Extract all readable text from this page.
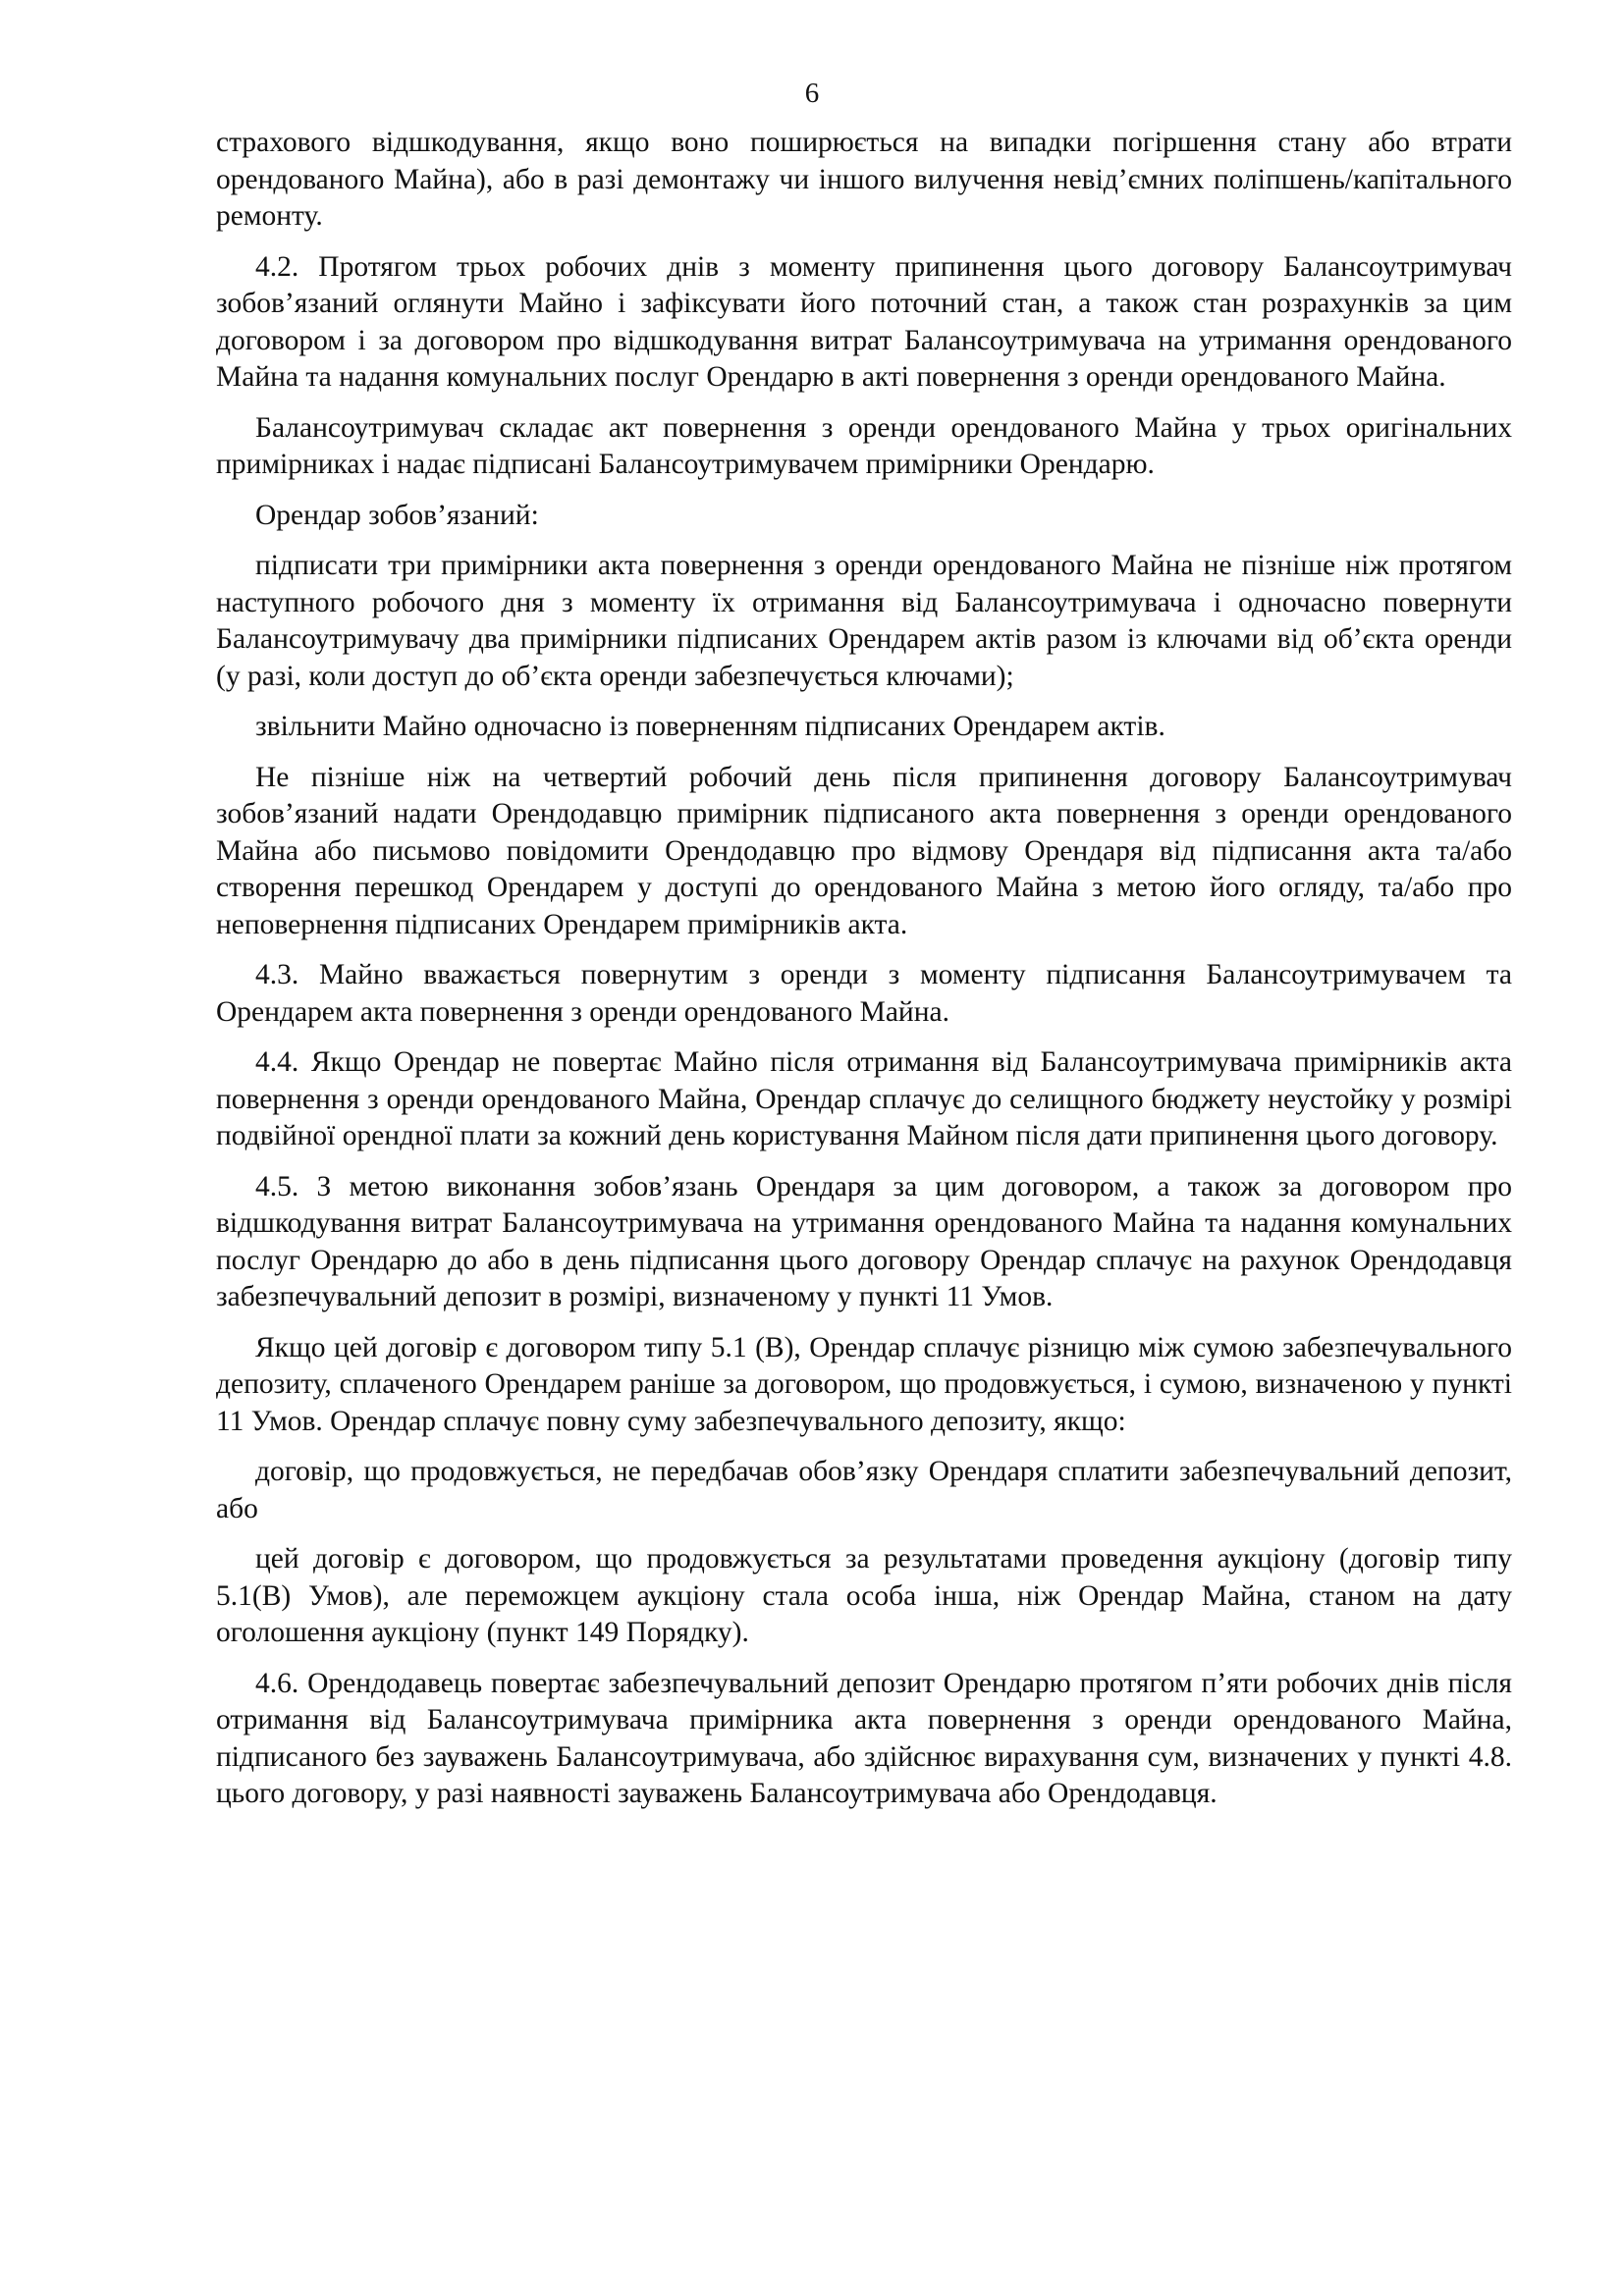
6

страхового відшкодування, якщо воно поширюється на випадки погіршення стану або втрати орендованого Майна), або в разі демонтажу чи іншого вилучення невід’ємних поліпшень/капітального ремонту.

4.2. Протягом трьох робочих днів з моменту припинення цього договору Балансоутримувач зобов’язаний оглянути Майно і зафіксувати його поточний стан, а також стан розрахунків за цим договором і за договором про відшкодування витрат Балансоутримувача на утримання орендованого Майна та надання комунальних послуг Орендарю в акті повернення з оренди орендованого Майна.

Балансоутримувач складає акт повернення з оренди орендованого Майна у трьох оригінальних примірниках і надає підписані Балансоутримувачем примірники Орендарю.

Орендар зобов’язаний:

підписати три примірники акта повернення з оренди орендованого Майна не пізніше ніж протягом наступного робочого дня з моменту їх отримання від Балансоутримувача і одночасно повернути Балансоутримувачу два примірники підписаних Орендарем актів разом із ключами від об’єкта оренди (у разі, коли доступ до об’єкта оренди забезпечується ключами);

звільнити Майно одночасно із поверненням підписаних Орендарем актів.

Не пізніше ніж на четвертий робочий день після припинення договору Балансоутримувач зобов’язаний надати Орендодавцю примірник підписаного акта повернення з оренди орендованого Майна або письмово повідомити Орендодавцю про відмову Орендаря від підписання акта та/або створення перешкод Орендарем у доступі до орендованого Майна з метою його огляду, та/або про неповернення підписаних Орендарем примірників акта.

4.3. Майно вважається повернутим з оренди з моменту підписання Балансоутримувачем та Орендарем акта повернення з оренди орендованого Майна.

4.4. Якщо Орендар не повертає Майно після отримання від Балансоутримувача примірників акта повернення з оренди орендованого Майна, Орендар сплачує до селищного бюджету неустойку у розмірі подвійної орендної плати за кожний день користування Майном після дати припинення цього договору.

4.5. З метою виконання зобов’язань Орендаря за цим договором, а також за договором про відшкодування витрат Балансоутримувача на утримання орендованого Майна та надання комунальних послуг Орендарю до або в день підписання цього договору Орендар сплачує на рахунок Орендодавця забезпечувальний депозит в розмірі, визначеному у пункті 11 Умов.

Якщо цей договір є договором типу 5.1 (В), Орендар сплачує різницю між сумою забезпечувального депозиту, сплаченого Орендарем раніше за договором, що продовжується, і сумою, визначеною у пункті 11 Умов. Орендар сплачує повну суму забезпечувального депозиту, якщо:

договір, що продовжується, не передбачав обов’язку Орендаря сплатити забезпечувальний депозит, або

цей договір є договором, що продовжується за результатами проведення аукціону (договір типу 5.1(В) Умов), але переможцем аукціону стала особа інша, ніж Орендар Майна, станом на дату оголошення аукціону (пункт 149 Порядку).

4.6. Орендодавець повертає забезпечувальний депозит Орендарю протягом п’яти робочих днів після отримання від Балансоутримувача примірника акта повернення з оренди орендованого Майна, підписаного без зауважень Балансоутримувача, або здійснює вирахування сум, визначених у пункті 4.8. цього договору, у разі наявності зауважень Балансоутримувача або Орендодавця.
